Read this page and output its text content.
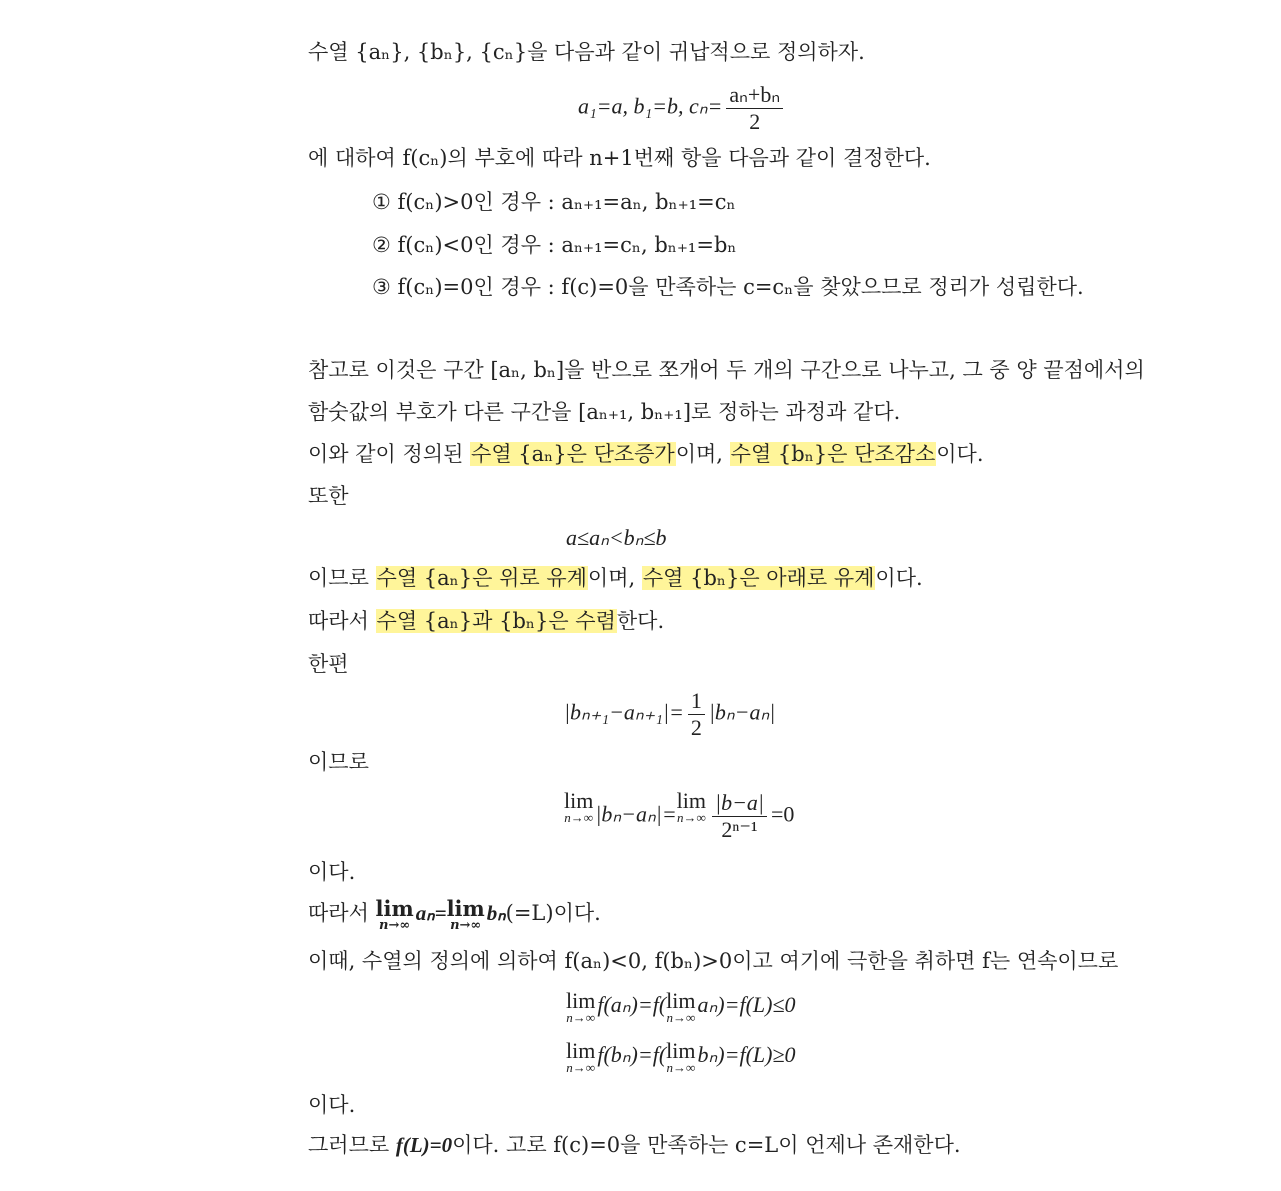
수열 {aₙ}, {bₙ}, {cₙ}을 다음과 같이 귀납적으로 정의하자.
a₁=a, b₁=b, $c_n= \frac{\text{aₙ+bₙ}}{2}$
에 대하여 f(cₙ)의 부호에 따라 n+1번째 항을 다음과 같이 결정한다.
① f(cₙ)>0인 경우 : aₙ₊₁=aₙ, bₙ₊₁=cₙ
② f(cₙ)<0인 경우 : aₙ₊₁=cₙ, bₙ₊₁=bₙ
③ f(cₙ)=0인 경우 : f(c)=0을 만족하는 c=cₙ을 찾았으므로 정리가 성립한다.
참고로 이것은 구간 [aₙ, bₙ]을 반으로 쪼개어 두 개의 구간으로 나누고, 그 중 양 끝점에서의
함숫값의 부호가 다른 구간을 [aₙ₊₁, bₙ₊₁]로 정하는 과정과 같다.
이와 같이 정의된 수열 {aₙ}은 단조증가이며, 수열 {bₙ}은 단조감소이다.
또한
a≤aₙ<bₙ≤b
이므로 수열 {aₙ}은 위로 유계이며, 수열 {bₙ}은 아래로 유계이다.
따라서 수열 {aₙ}과 {bₙ}은 수렴한다.
한편
$|b_{n+1}-a_{n+1}|= \frac{1}{2} |b_n-a_n|$
이므로
lim
n→∞ |bₙ−aₙ|=
lim
$n\to\infty \frac{|b-a|}{\text{2ⁿ⁻¹}} =0$
이다.
따라서 lim
n→∞
aₙ= lim
n→∞
bₙ(=L)이다.
이때, 수열의 정의에 의하여 f(aₙ)<0, f(bₙ)>0이고 여기에 극한을 취하면 f는 연속이므로
lim
n→∞
f(aₙ)=f( lim
n→∞
aₙ)=f(L)≤0
lim
n→∞
f(bₙ)=f( lim
n→∞
bₙ)=f(L)≥0
이다.
그러므로 f(L)=0이다. 고로 f(c)=0을 만족하는 c=L이 언제나 존재한다.
